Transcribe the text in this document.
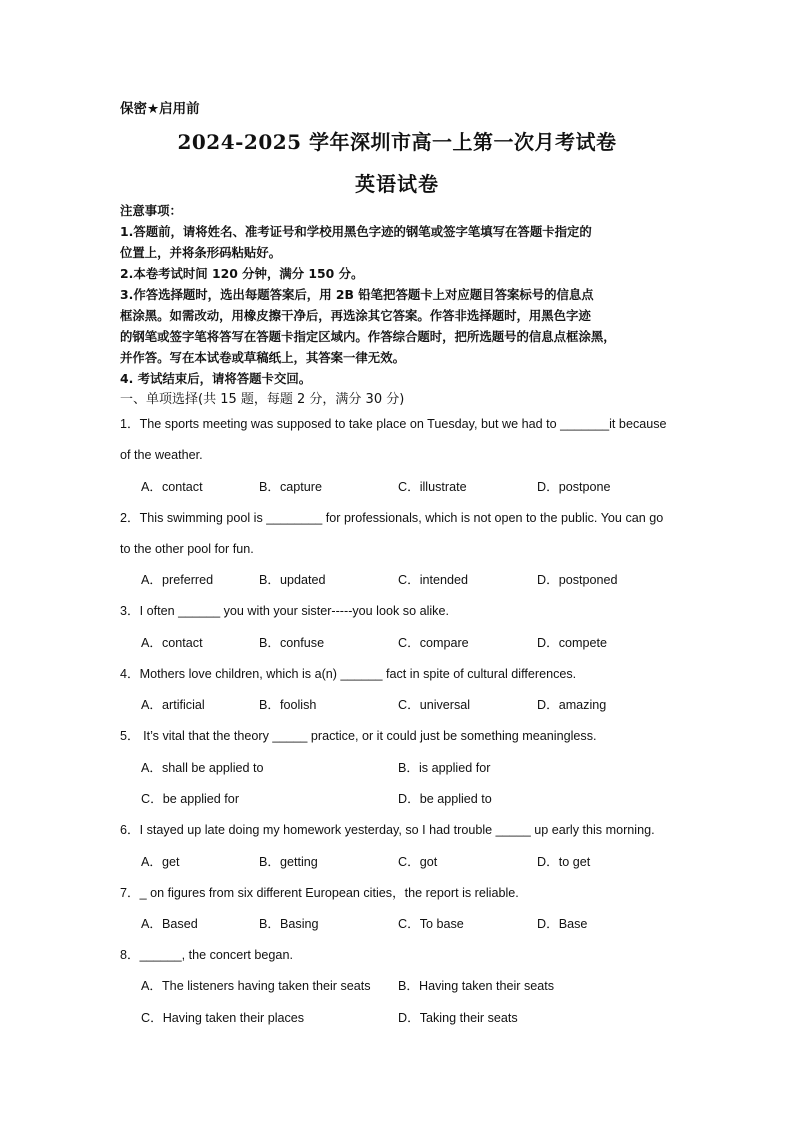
保密★启用前
2024-2025 学年深圳市高一上第一次月考试卷
英语试卷
注意事项：
1.答题前，请将姓名、准考证号和学校用黑色字迹的钢笔或签字笔填写在答题卡指定的
位置上，并将条形码粘贴好。
2.本卷考试时间 120 分钟，满分 150 分。
3.作答选择题时，选出每题答案后，用 2B 铅笔把答题卡上对应题目答案标号的信息点
框涂黑。如需改动，用橡皮擦干净后，再选涂其它答案。作答非选择题时，用黑色字迹
的钢笔或签字笔将答写在答题卡指定区域内。作答综合题时，把所选题号的信息点框涂黑，
并作答。写在本试卷或草稿纸上，其答案一律无效。
4. 考试结束后，请将答题卡交回。
一、单项选择(共 15 题，每题 2 分，满分 30 分)
1．The sports meeting was supposed to take place on Tuesday, but we had to _______it because
of the weather.
A．contact	B．capture	C．illustrate	D．postpone
2．This swimming pool is ________ for professionals, which is not open to the public. You can go
to the other pool for fun.
A．preferred	B．updated	C．intended	D．postponed
3．I often ______ you with your sister-----you look so alike.
A．contact	B．confuse	C．compare	D．compete
4．Mothers love children, which is a(n) ______ fact in spite of cultural differences.
A．artificial	B．foolish	C．universal	D．amazing
5． It’s vital that the theory _____ practice, or it could just be something meaningless.
A．shall be applied to	B．is applied for
C．be applied for	D．be applied to
6．I stayed up late doing my homework yesterday, so I had trouble _____ up early this morning.
A．get	B．getting	C．got	D．to get
7．_ on figures from six different European cities，the report is reliable.
A．Based	B．Basing	C．To base	D．Base
8．______, the concert began.
A．The listeners having taken their seats B．Having taken their seats
C．Having taken their places	D．Taking their seats
